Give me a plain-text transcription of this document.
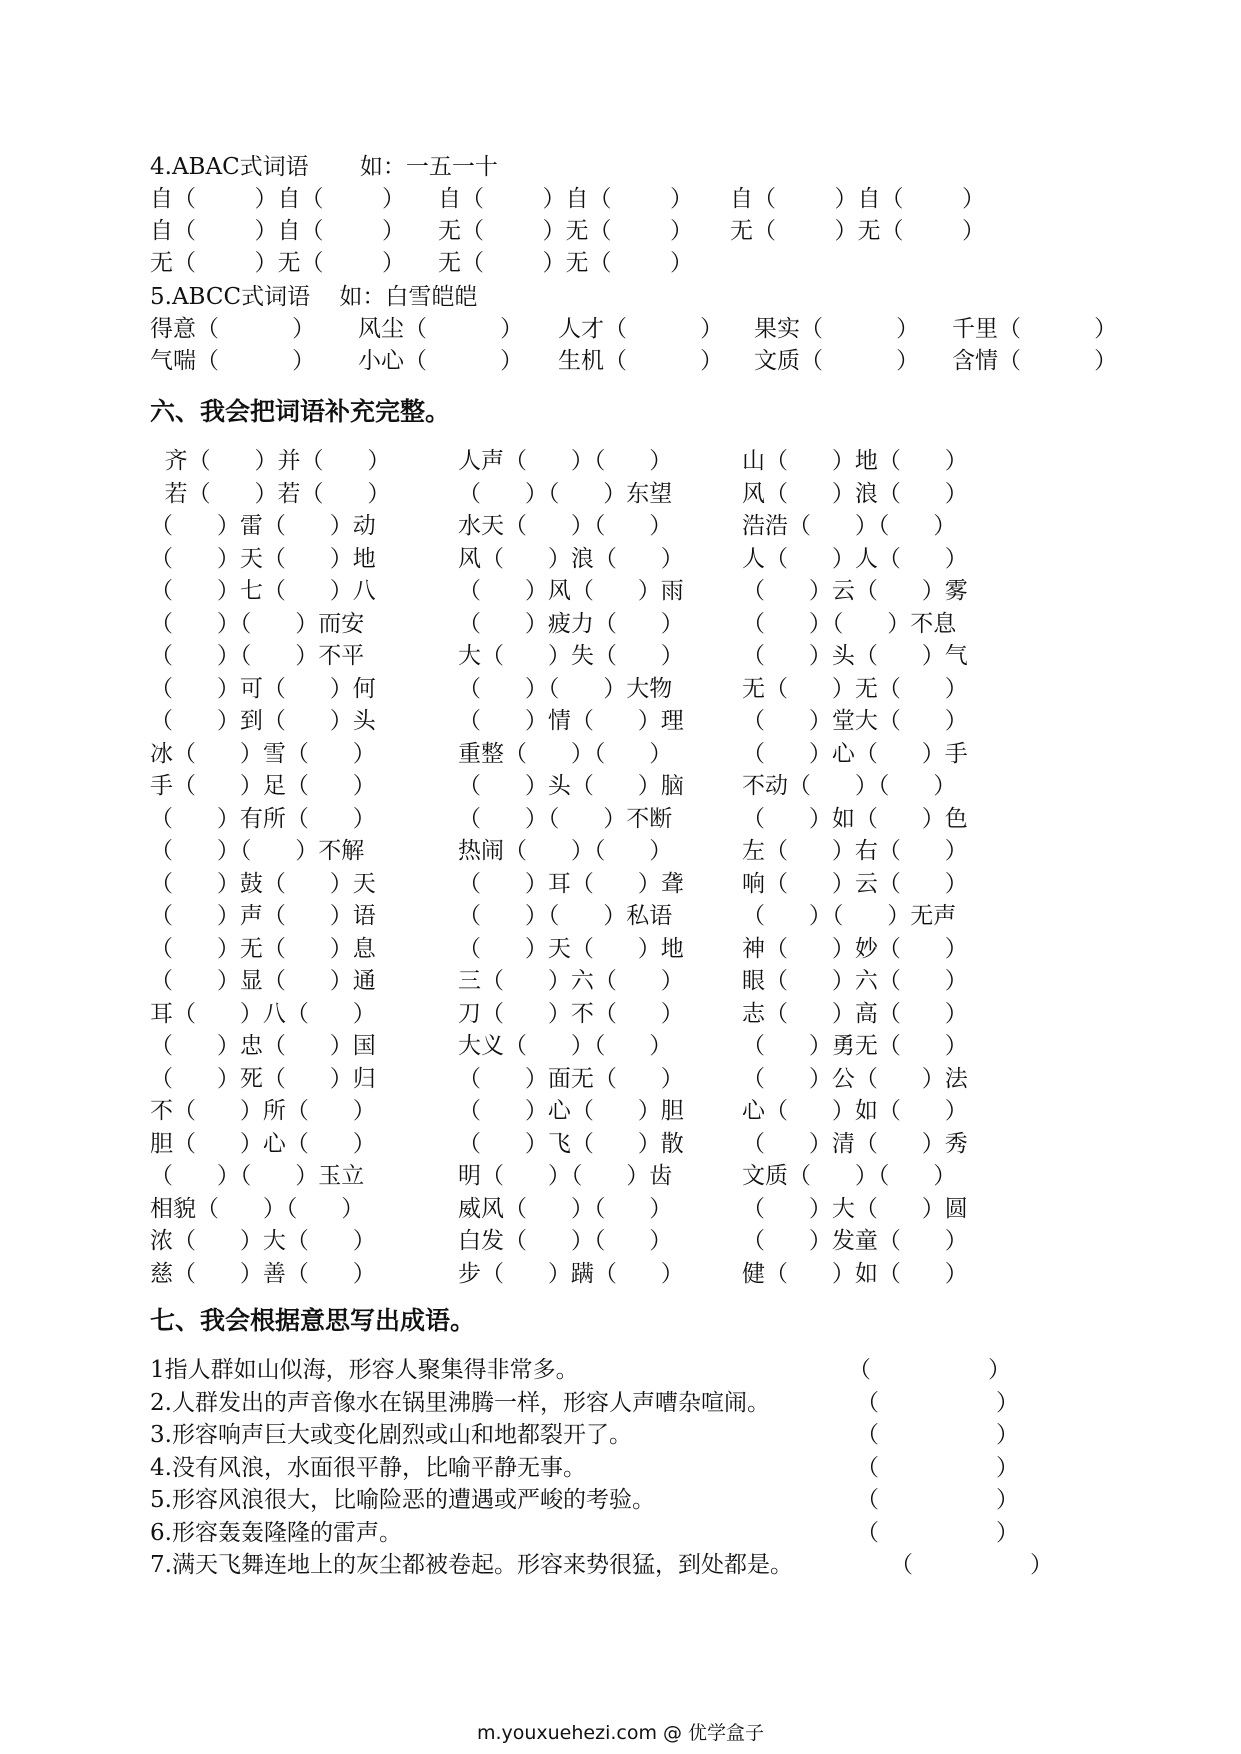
4.ABAC式词语       如：一五一十
自（        ）自（        ） 自（        ）自（        ） 自（        ）自（        ）
自（        ）自（        ） 无（        ）无（        ） 无（        ）无（        ）
无（        ）无（        ） 无（        ）无（        ）
5.ABCC式词语    如：白雪皑皑
得意（          ） 风尘（          ） 人才（          ） 果实（          ） 千里（          ）
气喘（          ） 小心（          ） 生机（          ） 文质（          ） 含情（          ）
六、我会把词语补充完整。
齐（      ）并（      ）	人声（      ）（      ）	山（      ）地（      ）
若（      ）若（      ）	（      ）（      ）东望	风（      ）浪（      ）
（      ）雷（      ）动	水天（      ）（      ）	浩浩（      ）（      ）
（      ）天（      ）地	风（      ）浪（      ）	人（      ）人（      ）
（      ）七（      ）八	（      ）风（      ）雨	（      ）云（      ）雾
（      ）（      ）而安	（      ）疲力（      ）	（      ）（      ）不息
（      ）（      ）不平	大（      ）失（      ）	（      ）头（      ）气
（      ）可（      ）何	（      ）（      ）大物	无（      ）无（      ）
（      ）到（      ）头	（      ）情（      ）理	（      ）堂大（      ）
冰（      ）雪（      ）	重整（      ）（      ）	（      ）心（      ）手
手（      ）足（      ）	（      ）头（      ）脑	不动（      ）（      ）
（      ）有所（      ）	（      ）（      ）不断	（      ）如（      ）色
（      ）（      ）不解	热闹（      ）（      ）	左（      ）右（      ）
（      ）鼓（      ）天	（      ）耳（      ）聋	响（      ）云（      ）
（      ）声（      ）语	（      ）（      ）私语	（      ）（      ）无声
（      ）无（      ）息	（      ）天（      ）地	神（      ）妙（      ）
（      ）显（      ）通	三（      ）六（      ）	眼（      ）六（      ）
耳（      ）八（      ）	刀（      ）不（      ）	志（      ）高（      ）
（      ）忠（      ）国	大义（      ）（      ）	（      ）勇无（      ）
（      ）死（      ）归	（      ）面无（      ）	（      ）公（      ）法
不（      ）所（      ）	（      ）心（      ）胆	心（      ）如（      ）
胆（      ）心（      ）	（      ）飞（      ）散	（      ）清（      ）秀
（      ）（      ）玉立	明（      ）（      ）齿	文质（      ）（      ）
相貌（      ）（      ）	威风（      ）（      ）	（      ）大（      ）圆
浓（      ）大（      ）	白发（      ）（      ）	（      ）发童（      ）
慈（      ）善（      ）	步（      ）蹒（      ）	健（      ）如（      ）
七、我会根据意思写出成语。
1指人群如山似海，形容人聚集得非常多。	（                ）
2.人群发出的声音像水在锅里沸腾一样，形容人声嘈杂喧闹。	（                ）
3.形容响声巨大或变化剧烈或山和地都裂开了。	（                ）
4.没有风浪，水面很平静，比喻平静无事。	（                ）
5.形容风浪很大，比喻险恶的遭遇或严峻的考验。	（                ）
6.形容轰轰隆隆的雷声。	（                ）
7.满天飞舞连地上的灰尘都被卷起。形容来势很猛，到处都是。	（                ）
m.youxuehezi.com @ 优学盒子
